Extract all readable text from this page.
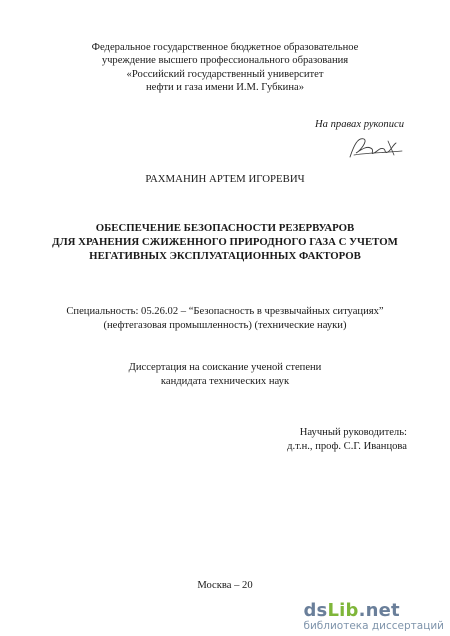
Федеральное государственное бюджетное образовательное
учреждение высшего профессионального образования
«Российский государственный университет
нефти и газа имени И.М. Губкина»
На правах рукописи
РАХМАНИН АРТЕМ ИГОРЕВИЧ
ОБЕСПЕЧЕНИЕ БЕЗОПАСНОСТИ РЕЗЕРВУАРОВ
ДЛЯ ХРАНЕНИЯ СЖИЖЕННОГО ПРИРОДНОГО ГАЗА С УЧЕТОМ
НЕГАТИВНЫХ ЭКСПЛУАТАЦИОННЫХ ФАКТОРОВ
Специальность: 05.26.02 – “Безопасность в чрезвычайных ситуациях”
(нефтегазовая промышленность) (технические науки)
Диссертация на соискание ученой степени
кандидата технических наук
Научный руководитель:
д.т.н., проф. С.Г. Иванцова
Москва – 20
dsLib.net
библиотека диссертаций
